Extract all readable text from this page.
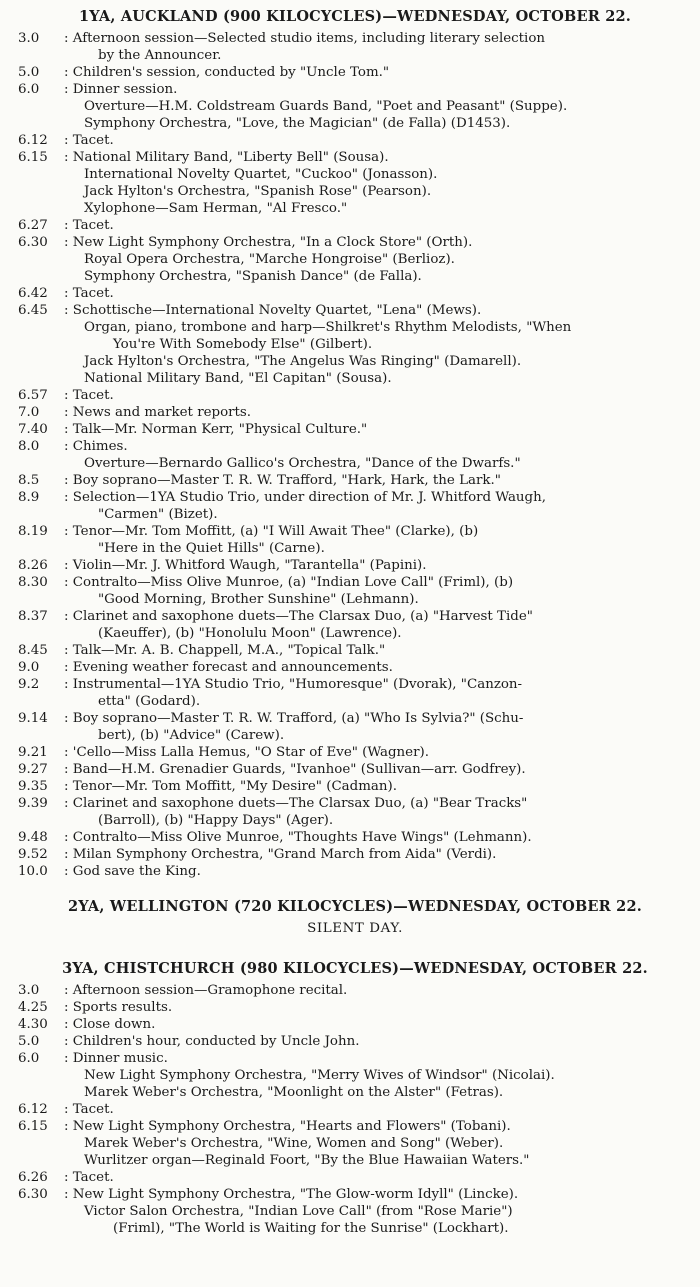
1YA, AUCKLAND (900 KILOCYCLES)—WEDNESDAY, OCTOBER 22.
3.0	: Afternoon session—Selected studio items, including literary selection
by the Announcer.
5.0	: Children's session, conducted by "Uncle Tom."
6.0	: Dinner session.
Overture—H.M. Coldstream Guards Band, "Poet and Peasant" (Suppe).
Symphony Orchestra, "Love, the Magician" (de Falla) (D1453).
6.12	: Tacet.
6.15	: National Military Band, "Liberty Bell" (Sousa).
International Novelty Quartet, "Cuckoo" (Jonasson).
Jack Hylton's Orchestra, "Spanish Rose" (Pearson).
Xylophone—Sam Herman, "Al Fresco."
6.27	: Tacet.
6.30	: New Light Symphony Orchestra, "In a Clock Store" (Orth).
Royal Opera Orchestra, "Marche Hongroise" (Berlioz).
Symphony Orchestra, "Spanish Dance" (de Falla).
6.42	: Tacet.
6.45	: Schottische—International Novelty Quartet, "Lena" (Mews).
Organ, piano, trombone and harp—Shilkret's Rhythm Melodists, "When
You're With Somebody Else" (Gilbert).
Jack Hylton's Orchestra, "The Angelus Was Ringing" (Damarell).
National Military Band, "El Capitan" (Sousa).
6.57	: Tacet.
7.0	: News and market reports.
7.40	: Talk—Mr. Norman Kerr, "Physical Culture."
8.0	: Chimes.
Overture—Bernardo Gallico's Orchestra, "Dance of the Dwarfs."
8.5	: Boy soprano—Master T. R. W. Trafford, "Hark, Hark, the Lark."
8.9	: Selection—1YA Studio Trio, under direction of Mr. J. Whitford Waugh,
"Carmen" (Bizet).
8.19	: Tenor—Mr. Tom Moffitt, (a) "I Will Await Thee" (Clarke), (b)
"Here in the Quiet Hills" (Carne).
8.26	: Violin—Mr. J. Whitford Waugh, "Tarantella" (Papini).
8.30	: Contralto—Miss Olive Munroe, (a) "Indian Love Call" (Friml), (b)
"Good Morning, Brother Sunshine" (Lehmann).
8.37	: Clarinet and saxophone duets—The Clarsax Duo, (a) "Harvest Tide"
(Kaeuffer), (b) "Honolulu Moon" (Lawrence).
8.45	: Talk—Mr. A. B. Chappell, M.A., "Topical Talk."
9.0	: Evening weather forecast and announcements.
9.2	: Instrumental—1YA Studio Trio, "Humoresque" (Dvorak), "Canzon-
etta" (Godard).
9.14	: Boy soprano—Master T. R. W. Trafford, (a) "Who Is Sylvia?" (Schu-
bert), (b) "Advice" (Carew).
9.21	: 'Cello—Miss Lalla Hemus, "O Star of Eve" (Wagner).
9.27	: Band—H.M. Grenadier Guards, "Ivanhoe" (Sullivan—arr. Godfrey).
9.35	: Tenor—Mr. Tom Moffitt, "My Desire" (Cadman).
9.39	: Clarinet and saxophone duets—The Clarsax Duo, (a) "Bear Tracks"
(Barroll), (b) "Happy Days" (Ager).
9.48	: Contralto—Miss Olive Munroe, "Thoughts Have Wings" (Lehmann).
9.52	: Milan Symphony Orchestra, "Grand March from Aida" (Verdi).
10.0	: God save the King.
2YA, WELLINGTON (720 KILOCYCLES)—WEDNESDAY, OCTOBER 22.
SILENT DAY.
3YA, CHISTCHURCH (980 KILOCYCLES)—WEDNESDAY, OCTOBER 22.
3.0	: Afternoon session—Gramophone recital.
4.25	: Sports results.
4.30	: Close down.
5.0	: Children's hour, conducted by Uncle John.
6.0	: Dinner music.
New Light Symphony Orchestra, "Merry Wives of Windsor" (Nicolai).
Marek Weber's Orchestra, "Moonlight on the Alster" (Fetras).
6.12	: Tacet.
6.15	: New Light Symphony Orchestra, "Hearts and Flowers" (Tobani).
Marek Weber's Orchestra, "Wine, Women and Song" (Weber).
Wurlitzer organ—Reginald Foort, "By the Blue Hawaiian Waters."
6.26	: Tacet.
6.30	: New Light Symphony Orchestra, "The Glow-worm Idyll" (Lincke).
Victor Salon Orchestra, "Indian Love Call" (from "Rose Marie")
(Friml), "The World is Waiting for the Sunrise" (Lockhart).
